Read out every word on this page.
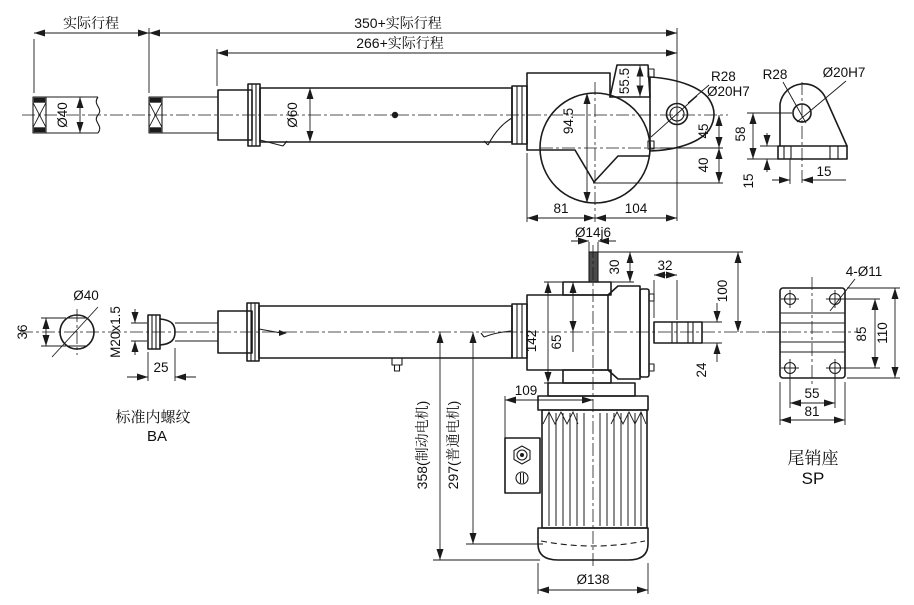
Ø40
实际行程	350+实际行程
266+实际行程
Ø60
55.5
94.5
R28
Ø20H7
45
40
81	104
R28	Ø20H7
58
15
15
Ø40
36	M20x1.5
25
标准内螺纹
BA
Ø14j6
30
142 65
32
100
24
109
Ø138
358(制动电机) 297(普通电机)
4-Ø11
85 110
55
81
尾销座
SP
